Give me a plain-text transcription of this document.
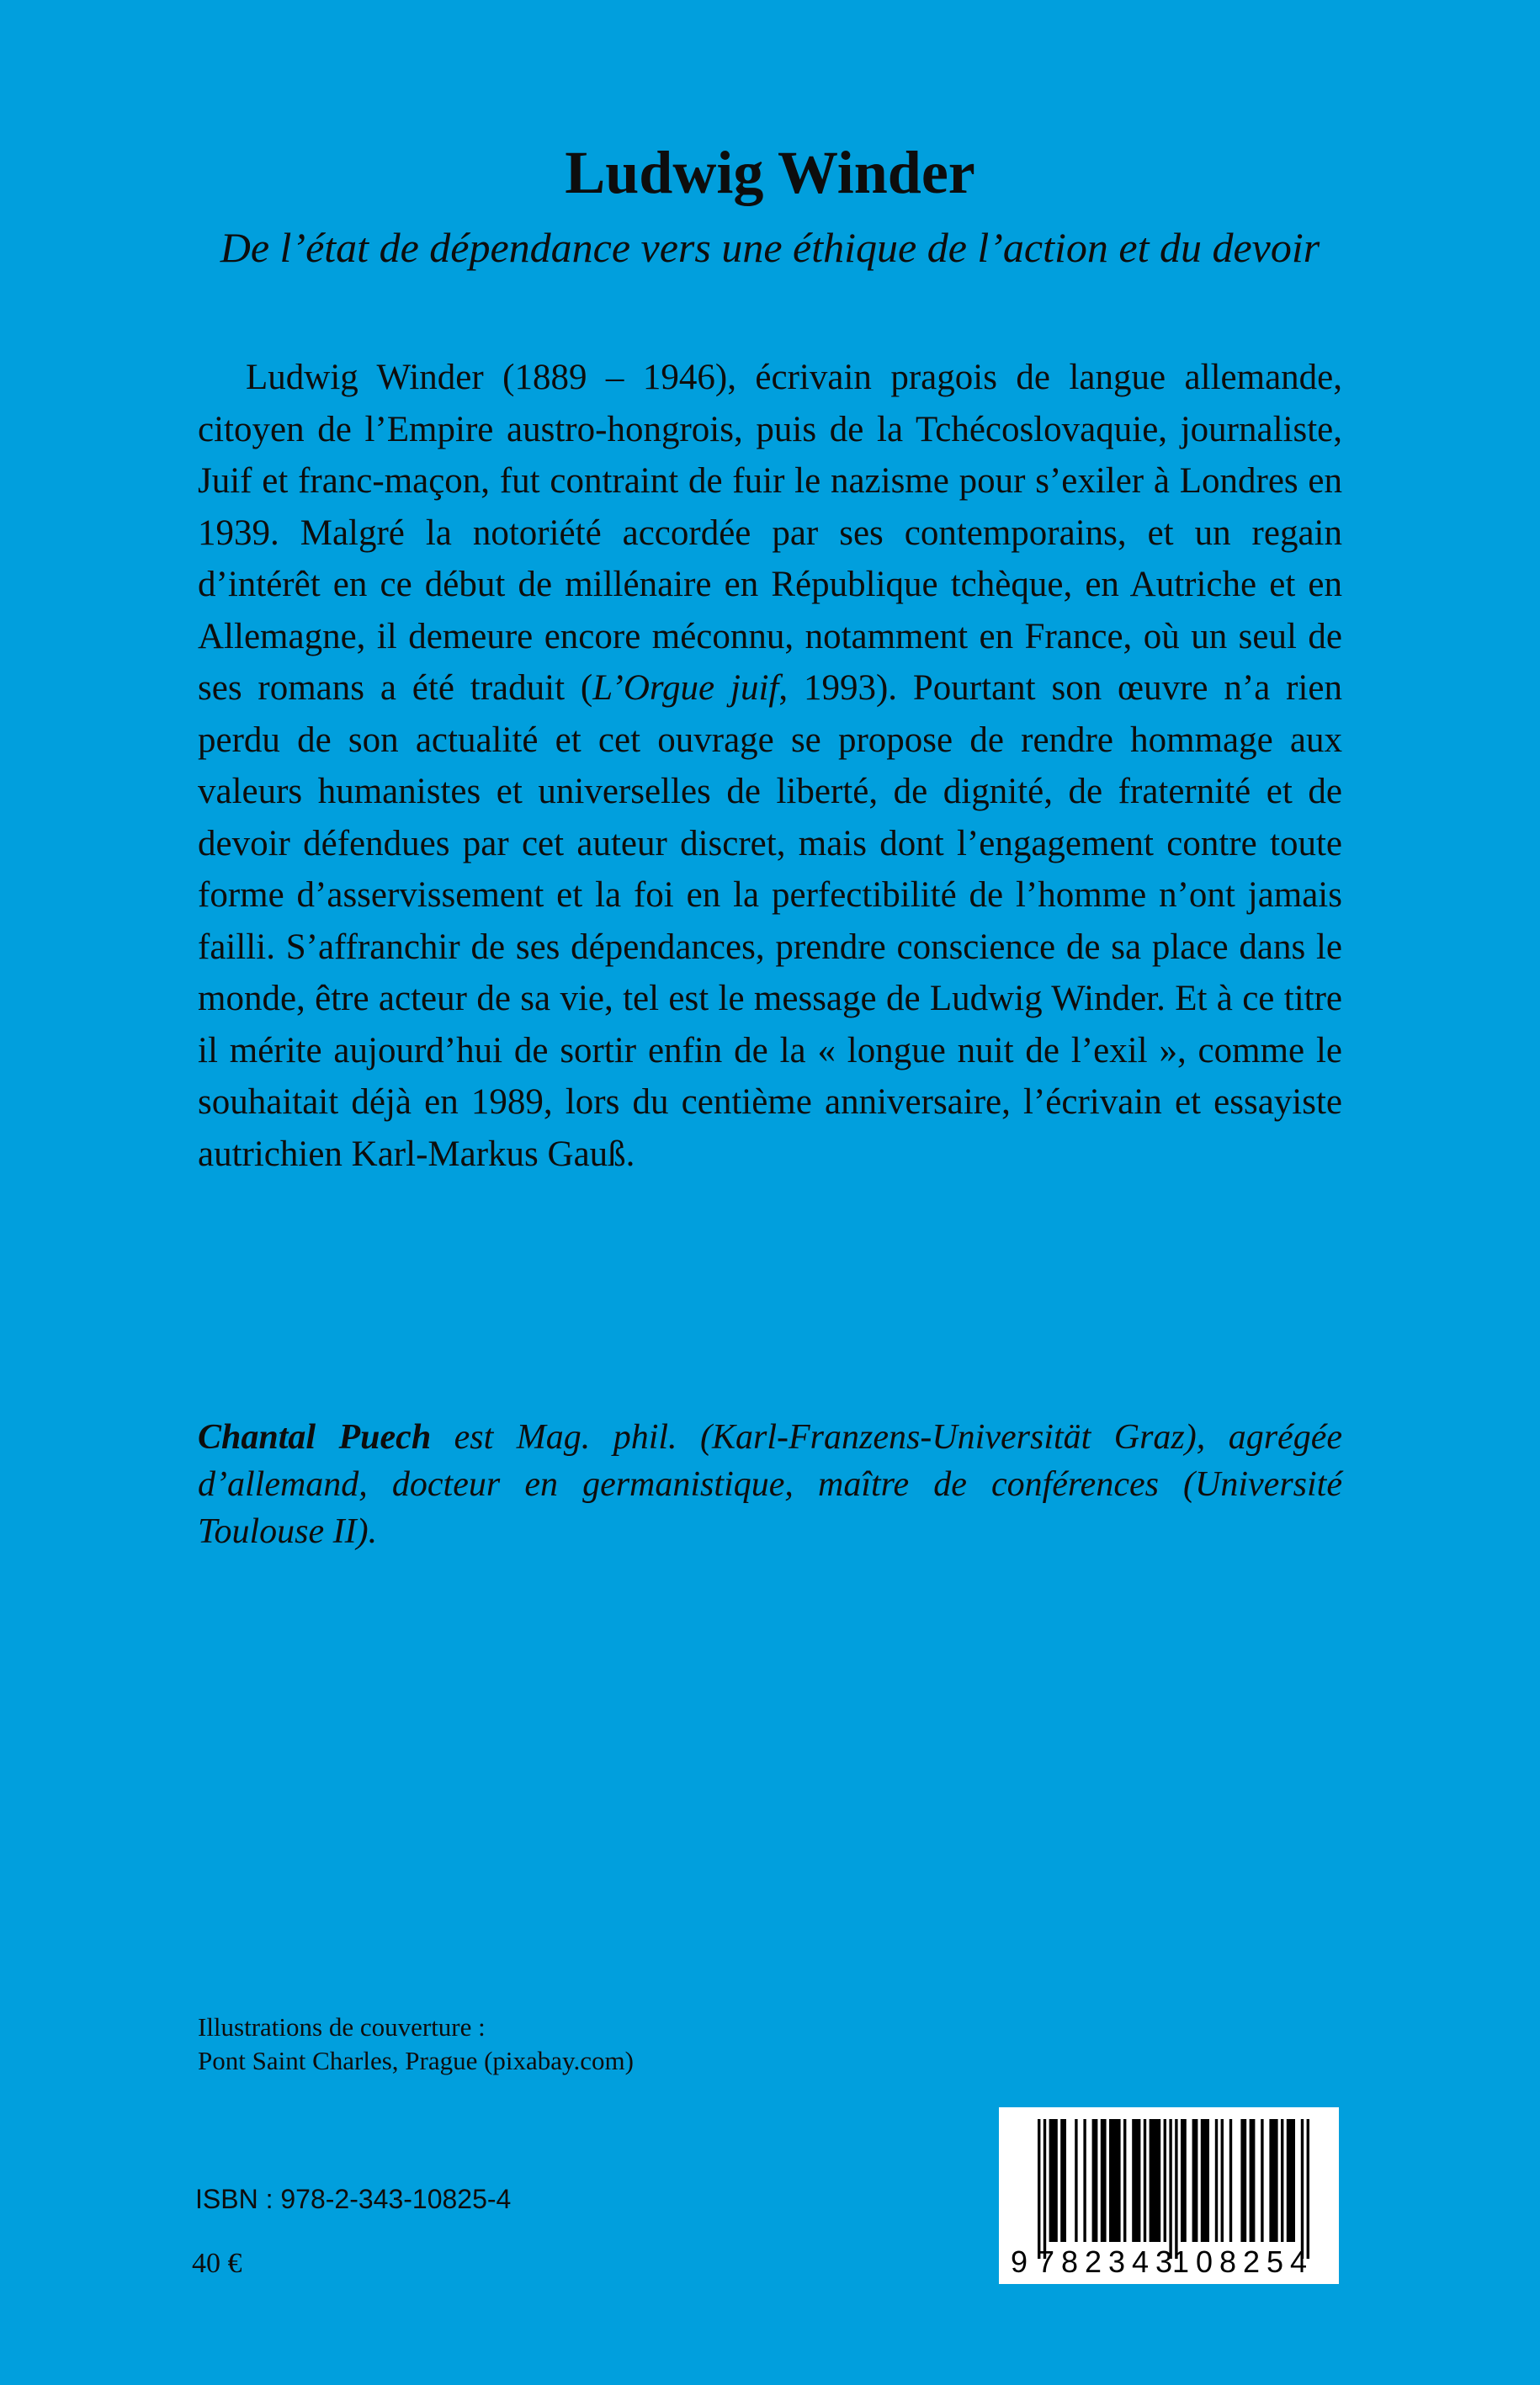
Ludwig Winder
De l’état de dépendance vers une éthique de l’action et du devoir

Ludwig Winder (1889 – 1946), écrivain pragois de langue allemande, citoyen de l’Empire austro-hongrois, puis de la Tchécoslovaquie, journaliste, Juif et franc-maçon, fut contraint de fuir le nazisme pour s’exiler à Londres en 1939. Malgré la notoriété accordée par ses contemporains, et un regain d’intérêt en ce début de millénaire en République tchèque, en Autriche et en Allemagne, il demeure encore méconnu, notamment en France, où un seul de ses romans a été traduit (L’Orgue juif, 1993). Pourtant son œuvre n’a rien perdu de son actualité et cet ouvrage se propose de rendre hommage aux valeurs humanistes et universelles de liberté, de dignité, de fraternité et de devoir défendues par cet auteur discret, mais dont l’engagement contre toute forme d’asservissement et la foi en la perfectibilité de l’homme n’ont jamais failli. S’affranchir de ses dépendances, prendre conscience de sa place dans le monde, être acteur de sa vie, tel est le message de Ludwig Winder. Et à ce titre il mérite aujourd’hui de sortir enfin de la « longue nuit de l’exil », comme le souhaitait déjà en 1989, lors du centième anniversaire, l’écrivain et essayiste autrichien Karl-Markus Gauß.

Chantal Puech est Mag. phil. (Karl-Franzens-Universität Graz), agrégée d’allemand, docteur en germanistique, maître de conférences (Université Toulouse II).

Illustrations de couverture :
Pont Saint Charles, Prague (pixabay.com)
ISBN : 978-2-343-10825-4
40 €	9 782343 108254
